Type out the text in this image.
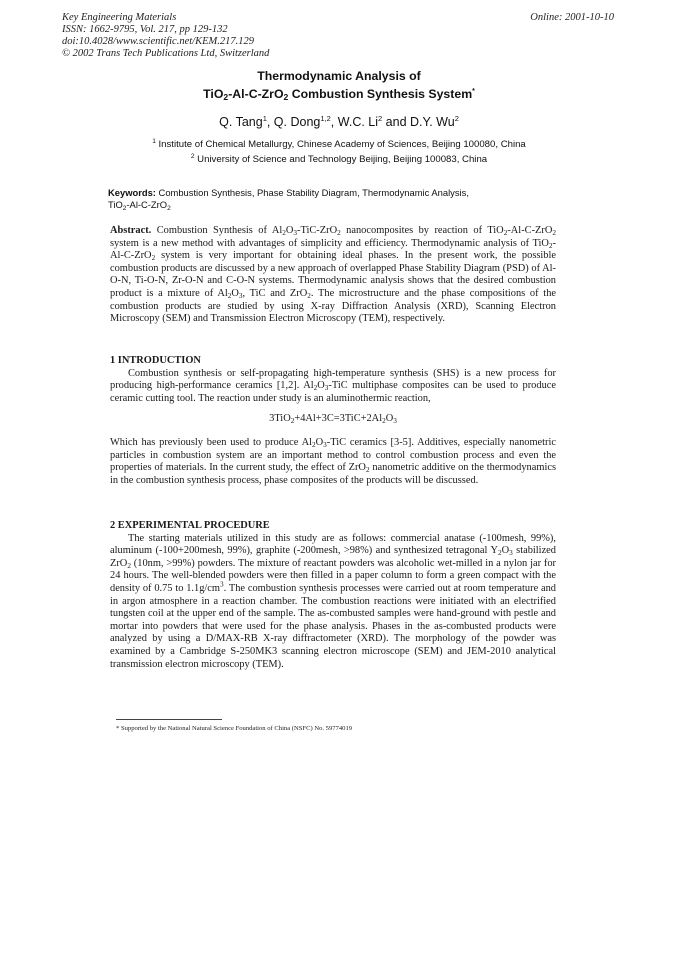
Key Engineering Materials
ISSN: 1662-9795, Vol. 217, pp 129-132
doi:10.4028/www.scientific.net/KEM.217.129
© 2002 Trans Tech Publications Ltd, Switzerland
Online: 2001-10-10
Thermodynamic Analysis of
TiO$_2$-Al-C-ZrO$_2$ Combustion Synthesis System*
Q. Tang$^1$, Q. Dong$^{1,2}$, W.C. Li$^2$ and D.Y. Wu$^2$
$^1$ Institute of Chemical Metallurgy, Chinese Academy of Sciences, Beijing 100080, China
$^2$ University of Science and Technology Beijing, Beijing 100083, China
Keywords: Combustion Synthesis, Phase Stability Diagram, Thermodynamic Analysis,
TiO$_2$-Al-C-ZrO$_2$
Abstract. Combustion Synthesis of $Al_2O_3-TiC-ZrO_2$ nanocomposites by reaction of TiO$_2$-Al-C-ZrO$_2$ system is a new method with advantages of simplicity and efficiency. Thermodynamic analysis of TiO$_2$-Al-C-ZrO$_2$ system is very important for obtaining ideal phases. In the present work, the possible combustion products are discussed by a new approach of overlapped Phase Stability Diagram (PSD) of Al-O-N, Ti-O-N, Zr-O-N and C-O-N systems. Thermodynamic analysis shows that the desired combustion product is a mixture of $Al_2O_3$, TiC and ZrO$_2$. The microstructure and the phase compositions of the combustion products are studied by using X-ray Diffraction Analysis (XRD), Scanning Electron Microscopy (SEM) and Transmission Electron Microscopy (TEM), respectively.
1 INTRODUCTION
Combustion synthesis or self-propagating high-temperature synthesis (SHS) is a new process for producing high-performance ceramics [1,2]. $Al_2O_3$-TiC multiphase composites can be used to produce ceramic cutting tool. The reaction under study is an aluminothermic reaction,
$3TiO_2+4Al+3C=3TiC+2Al_2O_3$
Which has previously been used to produce $Al_2O_3$-TiC ceramics [3-5]. Additives, especially nanometric particles in combustion system are an important method to control combustion process and even the properties of materials. In the current study, the effect of ZrO$_2$ nanometric additive on the thermodynamics in the combustion synthesis process, phase composites of the products will be discussed.
2 EXPERIMENTAL PROCEDURE
The starting materials utilized in this study are as follows: commercial anatase (-100mesh, 99%), aluminum (-100+200mesh, 99%), graphite (-200mesh, >98%) and synthesized tetragonal $Y_2O_3$ stabilized ZrO$_2$ (10nm, >99%) powders. The mixture of reactant powders was alcoholic wet-milled in a nylon jar for 24 hours. The well-blended powders were then filled in a paper column to form a green compact with the density of 0.75 to $1.1g/cm^3$. The combustion synthesis processes were carried out at room temperature and in argon atmosphere in a reaction chamber. The combustion reactions were initiated with an electrified tungsten coil at the upper end of the sample. The as-combusted samples were hand-ground with pestle and mortar into powders that were used for the phase analysis. Phases in the as-combusted products were analyzed by using a D/MAX-RB X-ray diffractometer (XRD). The morphology of the powder was examined by a Cambridge S-250MK3 scanning electron microscope (SEM) and JEM-2010 analytical transmission electron microscopy (TEM).
* Supported by the National Natural Science Foundation of China (NSFC) No. 59774019
